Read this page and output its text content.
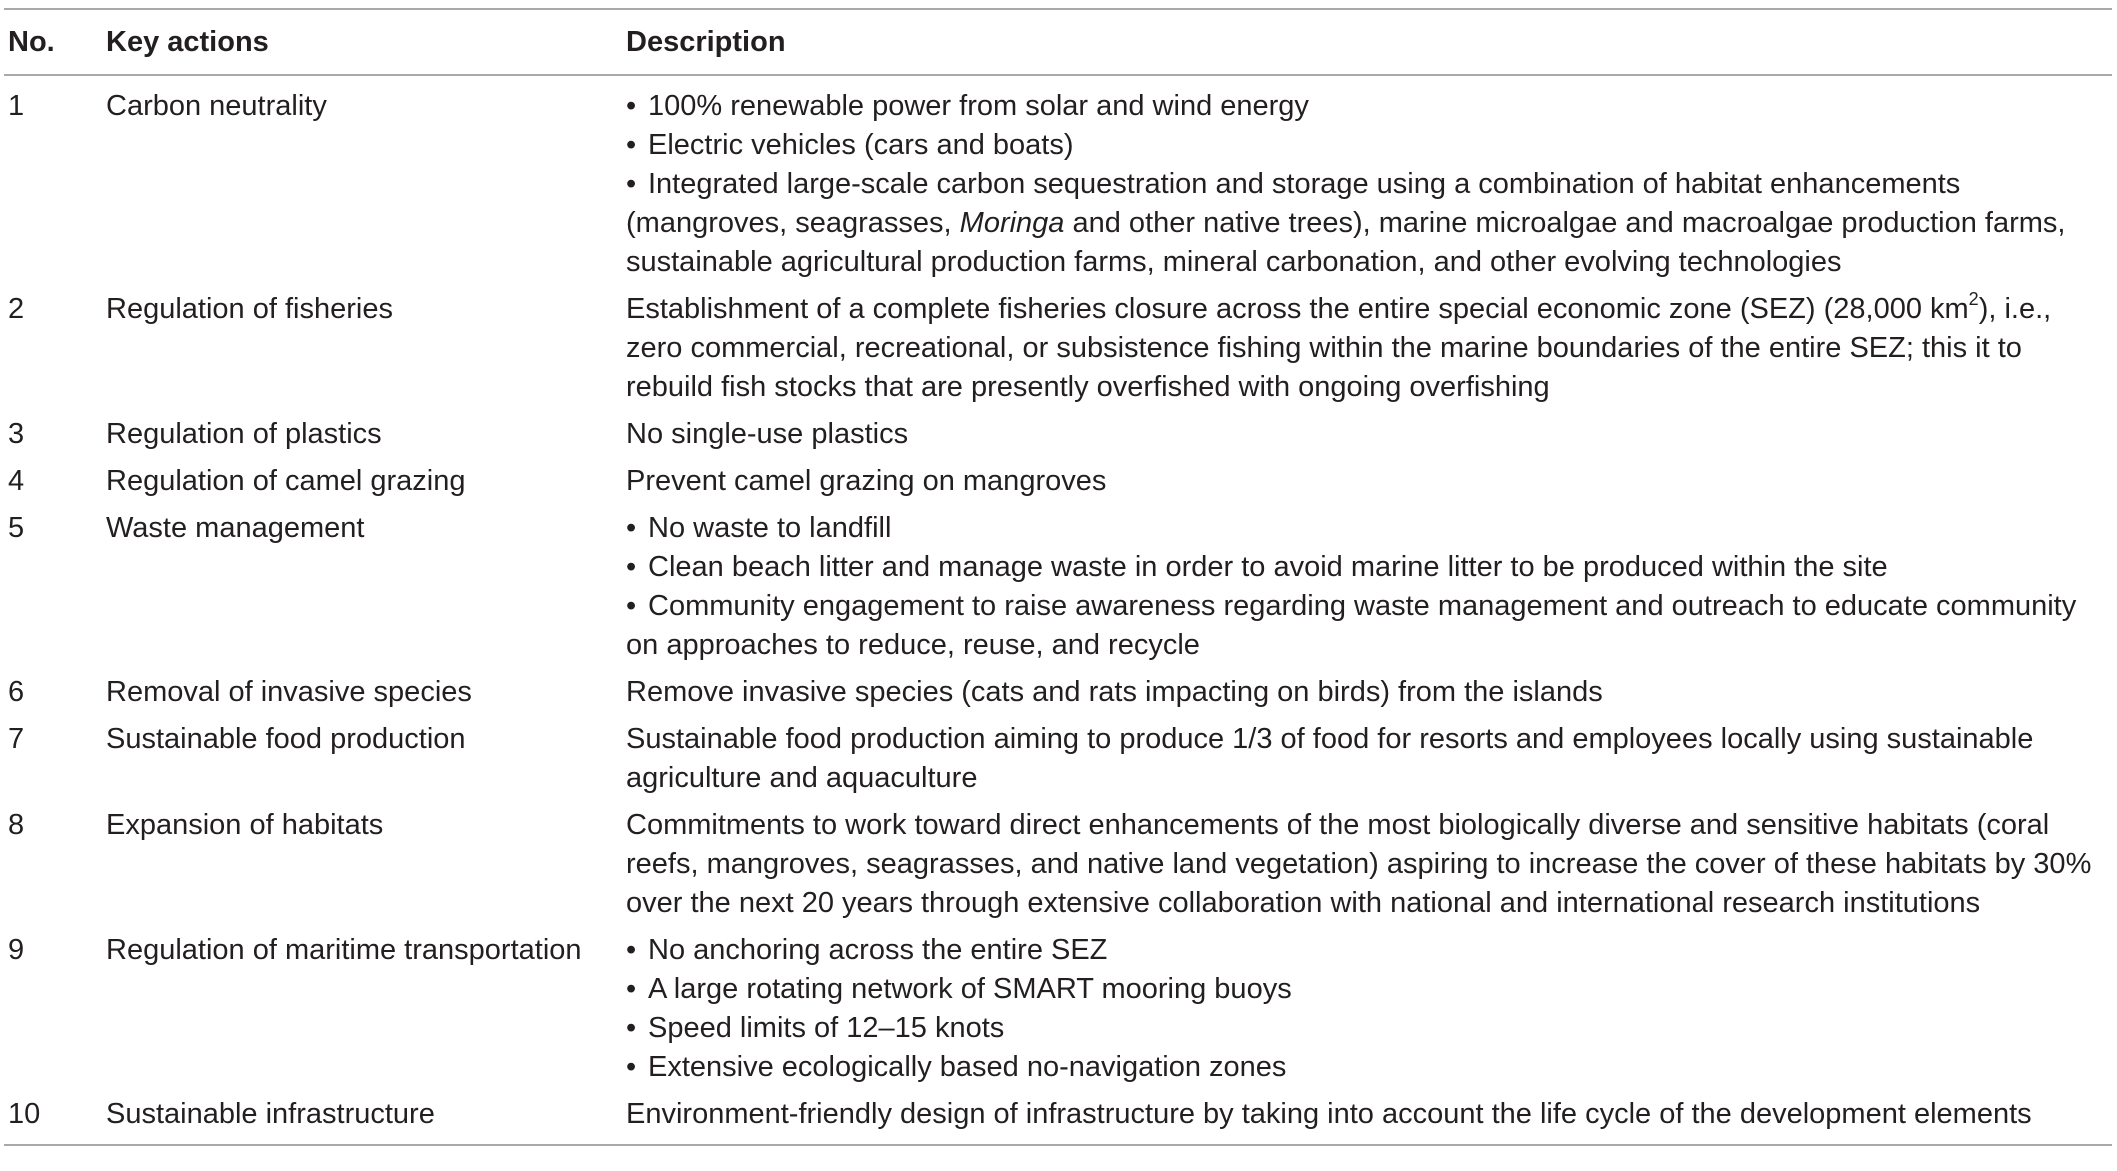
No.	Key actions	Description
1	Carbon neutrality	• 100% renewable power from solar and wind energy
• Electric vehicles (cars and boats)
• Integrated large-scale carbon sequestration and storage using a combination of habitat enhancements (mangroves, seagrasses, Moringa and other native trees), marine microalgae and macroalgae production farms, sustainable agricultural production farms, mineral carbonation, and other evolving technologies

2	Regulation of fisheries	Establishment of a complete fisheries closure across the entire special economic zone (SEZ) (28,000 $km^2$), i.e., zero commercial, recreational, or subsistence fishing within the marine boundaries of the entire SEZ; this it to rebuild fish stocks that are presently overfished with ongoing overfishing
3	Regulation of plastics	No single-use plastics
4	Regulation of camel grazing	Prevent camel grazing on mangroves
5	Waste management	• No waste to landfill
• Clean beach litter and manage waste in order to avoid marine litter to be produced within the site
• Community engagement to raise awareness regarding waste management and outreach to educate community on approaches to reduce, reuse, and recycle

6	Removal of invasive species	Remove invasive species (cats and rats impacting on birds) from the islands
7	Sustainable food production	Sustainable food production aiming to produce 1/3 of food for resorts and employees locally using sustainable agriculture and aquaculture
8	Expansion of habitats	Commitments to work toward direct enhancements of the most biologically diverse and sensitive habitats (coral reefs, mangroves, seagrasses, and native land vegetation) aspiring to increase the cover of these habitats by 30% over the next 20 years through extensive collaboration with national and international research institutions
9	Regulation of maritime transportation	• No anchoring across the entire SEZ
• A large rotating network of SMART mooring buoys
• Speed limits of 12–15 knots
• Extensive ecologically based no-navigation zones

10	Sustainable infrastructure	Environment-friendly design of infrastructure by taking into account the life cycle of the development elements
